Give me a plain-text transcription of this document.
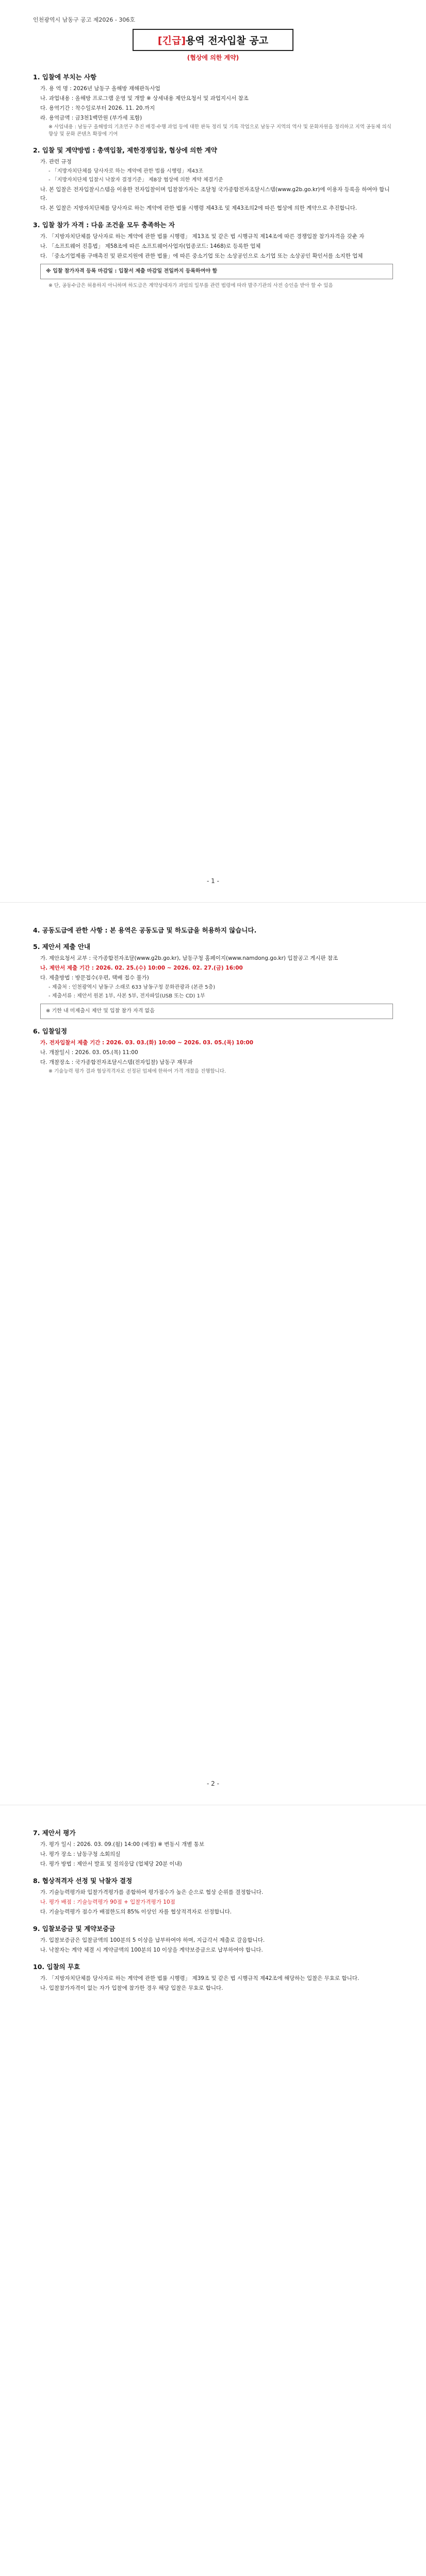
인천광역시 남동구 공고 제2026 - 306호
[긴급]용역 전자입찰 공고
(협상에 의한 계약)
1. 입찰에 부치는 사항
가. 용 역 명 : 2026년 남동구 올해방 재해판독사업
나. 과업내용 : 올해방 프로그램 운영 및 개발 ※ 상세내용 제안요청서 및 과업지시서 참조
다. 용역기간 : 착수일로부터 2026. 11. 20.까지
라. 용역금액 : 금3천1백만원 (부가세 포함)
※ 사업내용 : 남동구 올해방의 기초연구 추진 배경·수행 과업 등에 대한 판독 정리 및 기록 작업으로 남동구 지역의 역사 및 문화자원을 정리하고 지역 공동체 의식 향상 및 문화 콘텐츠 확장에 기여
2. 입찰 및 계약방법 : 총액입찰, 제한경쟁입찰, 협상에 의한 계약
가. 관련 규정
- 「지방자치단체를 당사자로 하는 계약에 관한 법률 시행령」제43조
- 「지방자치단체 입찰시 낙찰자 결정기준」 제8장 협상에 의한 계약 체결기준
나. 본 입찰은 전자입찰시스템을 이용한 전자입찰이며 입찰참가자는 조달청 국가종합전자조달시스템(www.g2b.go.kr)에 이용자 등록을 하여야 합니다.
다. 본 입찰은 지방자치단체를 당사자로 하는 계약에 관한 법률 시행령 제43조 및 제43조의2에 따른 협상에 의한 계약으로 추진합니다.
3. 입찰 참가 자격 : 다음 조건을 모두 충족하는 자
가. 「지방자치단체를 당사자로 하는 계약에 관한 법률 시행령」 제13조 및 같은 법 시행규칙 제14조에 따른 경쟁입찰 참가자격을 갖춘 자
나. 「소프트웨어 진흥법」 제58조에 따른 소프트웨어사업자(업종코드: 1468)로 등록한 업체
다. 「중소기업제품 구매촉진 및 판로지원에 관한 법률」에 따른 중소기업 또는 소상공인으로 소기업 또는 소상공인 확인서를 소지한 업체
※ 입찰 참가자격 등록 마감일 : 입찰서 제출 마감일 전일까지 등록하여야 함
※ 단, 공동수급은 허용하지 아니하며 하도급은 계약상대자가 과업의 일부를 관련 법령에 따라 발주기관의 사전 승인을 받아 할 수 있음
- 1 -
4. 공동도급에 관한 사항 : 본 용역은 공동도급 및 하도급을 허용하지 않습니다.
5. 제안서 제출 안내
가. 제안요청서 교부 : 국가종합전자조달(www.g2b.go.kr), 남동구청 홈페이지(www.namdong.go.kr) 입찰공고 게시판 참조
나. 제안서 제출 기간 : 2026. 02. 25.(수) 10:00 ~ 2026. 02. 27.(금) 16:00
다. 제출방법 : 방문접수(우편, 택배 접수 불가)
- 제출처 : 인천광역시 남동구 소래로 633 남동구청 문화관광과 (본관 5층)
- 제출서류 : 제안서 원본 1부, 사본 5부, 전자파일(USB 또는 CD) 1부
※ 기한 내 미제출시 제안 및 입찰 참가 자격 없음
6. 입찰일정
가. 전자입찰서 제출 기간 : 2026. 03. 03.(화) 10:00 ~ 2026. 03. 05.(목) 10:00
나. 개찰일시 : 2026. 03. 05.(목) 11:00
다. 개찰장소 : 국가종합전자조달시스템(전자입찰) 남동구 재무과
※ 기술능력 평가 결과 협상적격자로 선정된 업체에 한하여 가격 개찰을 진행합니다.
- 2 -
7. 제안서 평가
가. 평가 일시 : 2026. 03. 09.(월) 14:00 (예정) ※ 변동시 개별 통보
나. 평가 장소 : 남동구청 소회의실
다. 평가 방법 : 제안서 발표 및 질의응답 (업체당 20분 이내)
8. 협상적격자 선정 및 낙찰자 결정
가. 기술능력평가와 입찰가격평가를 종합하여 평가점수가 높은 순으로 협상 순위를 결정합니다.
나. 평가 배점 : 기술능력평가 90점 + 입찰가격평가 10점
다. 기술능력평가 점수가 배점한도의 85% 이상인 자를 협상적격자로 선정합니다.
9. 입찰보증금 및 계약보증금
가. 입찰보증금은 입찰금액의 100분의 5 이상을 납부하여야 하며, 지급각서 제출로 갈음합니다.
나. 낙찰자는 계약 체결 시 계약금액의 100분의 10 이상을 계약보증금으로 납부하여야 합니다.
10. 입찰의 무효
가. 「지방자치단체를 당사자로 하는 계약에 관한 법률 시행령」 제39조 및 같은 법 시행규칙 제42조에 해당하는 입찰은 무효로 합니다.
나. 입찰참가자격이 없는 자가 입찰에 참가한 경우 해당 입찰은 무효로 합니다.
